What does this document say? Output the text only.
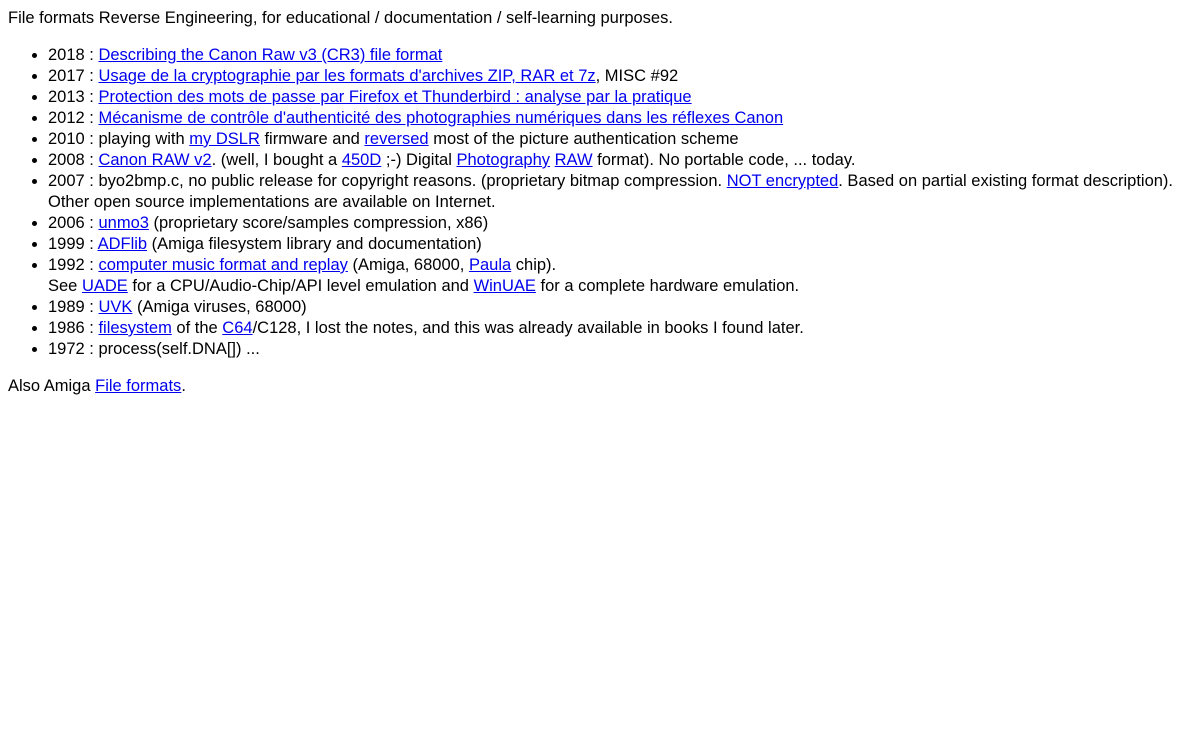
File formats Reverse Engineering, for educational / documentation / self-learning purposes.

• 2018 : Describing the Canon Raw v3 (CR3) file format
• 2017 : Usage de la cryptographie par les formats d'archives ZIP, RAR et 7z, MISC #92
• 2013 : Protection des mots de passe par Firefox et Thunderbird : analyse par la pratique
• 2012 : Mécanisme de contrôle d'authenticité des photographies numériques dans les réflexes Canon
• 2010 : playing with my DSLR firmware and reversed most of the picture authentication scheme
• 2008 : Canon RAW v2. (well, I bought a 450D ;-) Digital Photography RAW format). No portable code, ... today.
• 2007 : byo2bmp.c, no public release for copyright reasons. (proprietary bitmap compression. NOT encrypted. Based on partial existing format description).
Other open source implementations are available on Internet.
• 2006 : unmo3 (proprietary score/samples compression, x86)
• 1999 : ADFlib (Amiga filesystem library and documentation)
• 1992 : computer music format and replay (Amiga, 68000, Paula chip).
See UADE for a CPU/Audio-Chip/API level emulation and WinUAE for a complete hardware emulation.
• 1989 : UVK (Amiga viruses, 68000)
• 1986 : filesystem of the C64/C128, I lost the notes, and this was already available in books I found later.
• 1972 : process(self.DNA[]) ...

Also Amiga File formats.
